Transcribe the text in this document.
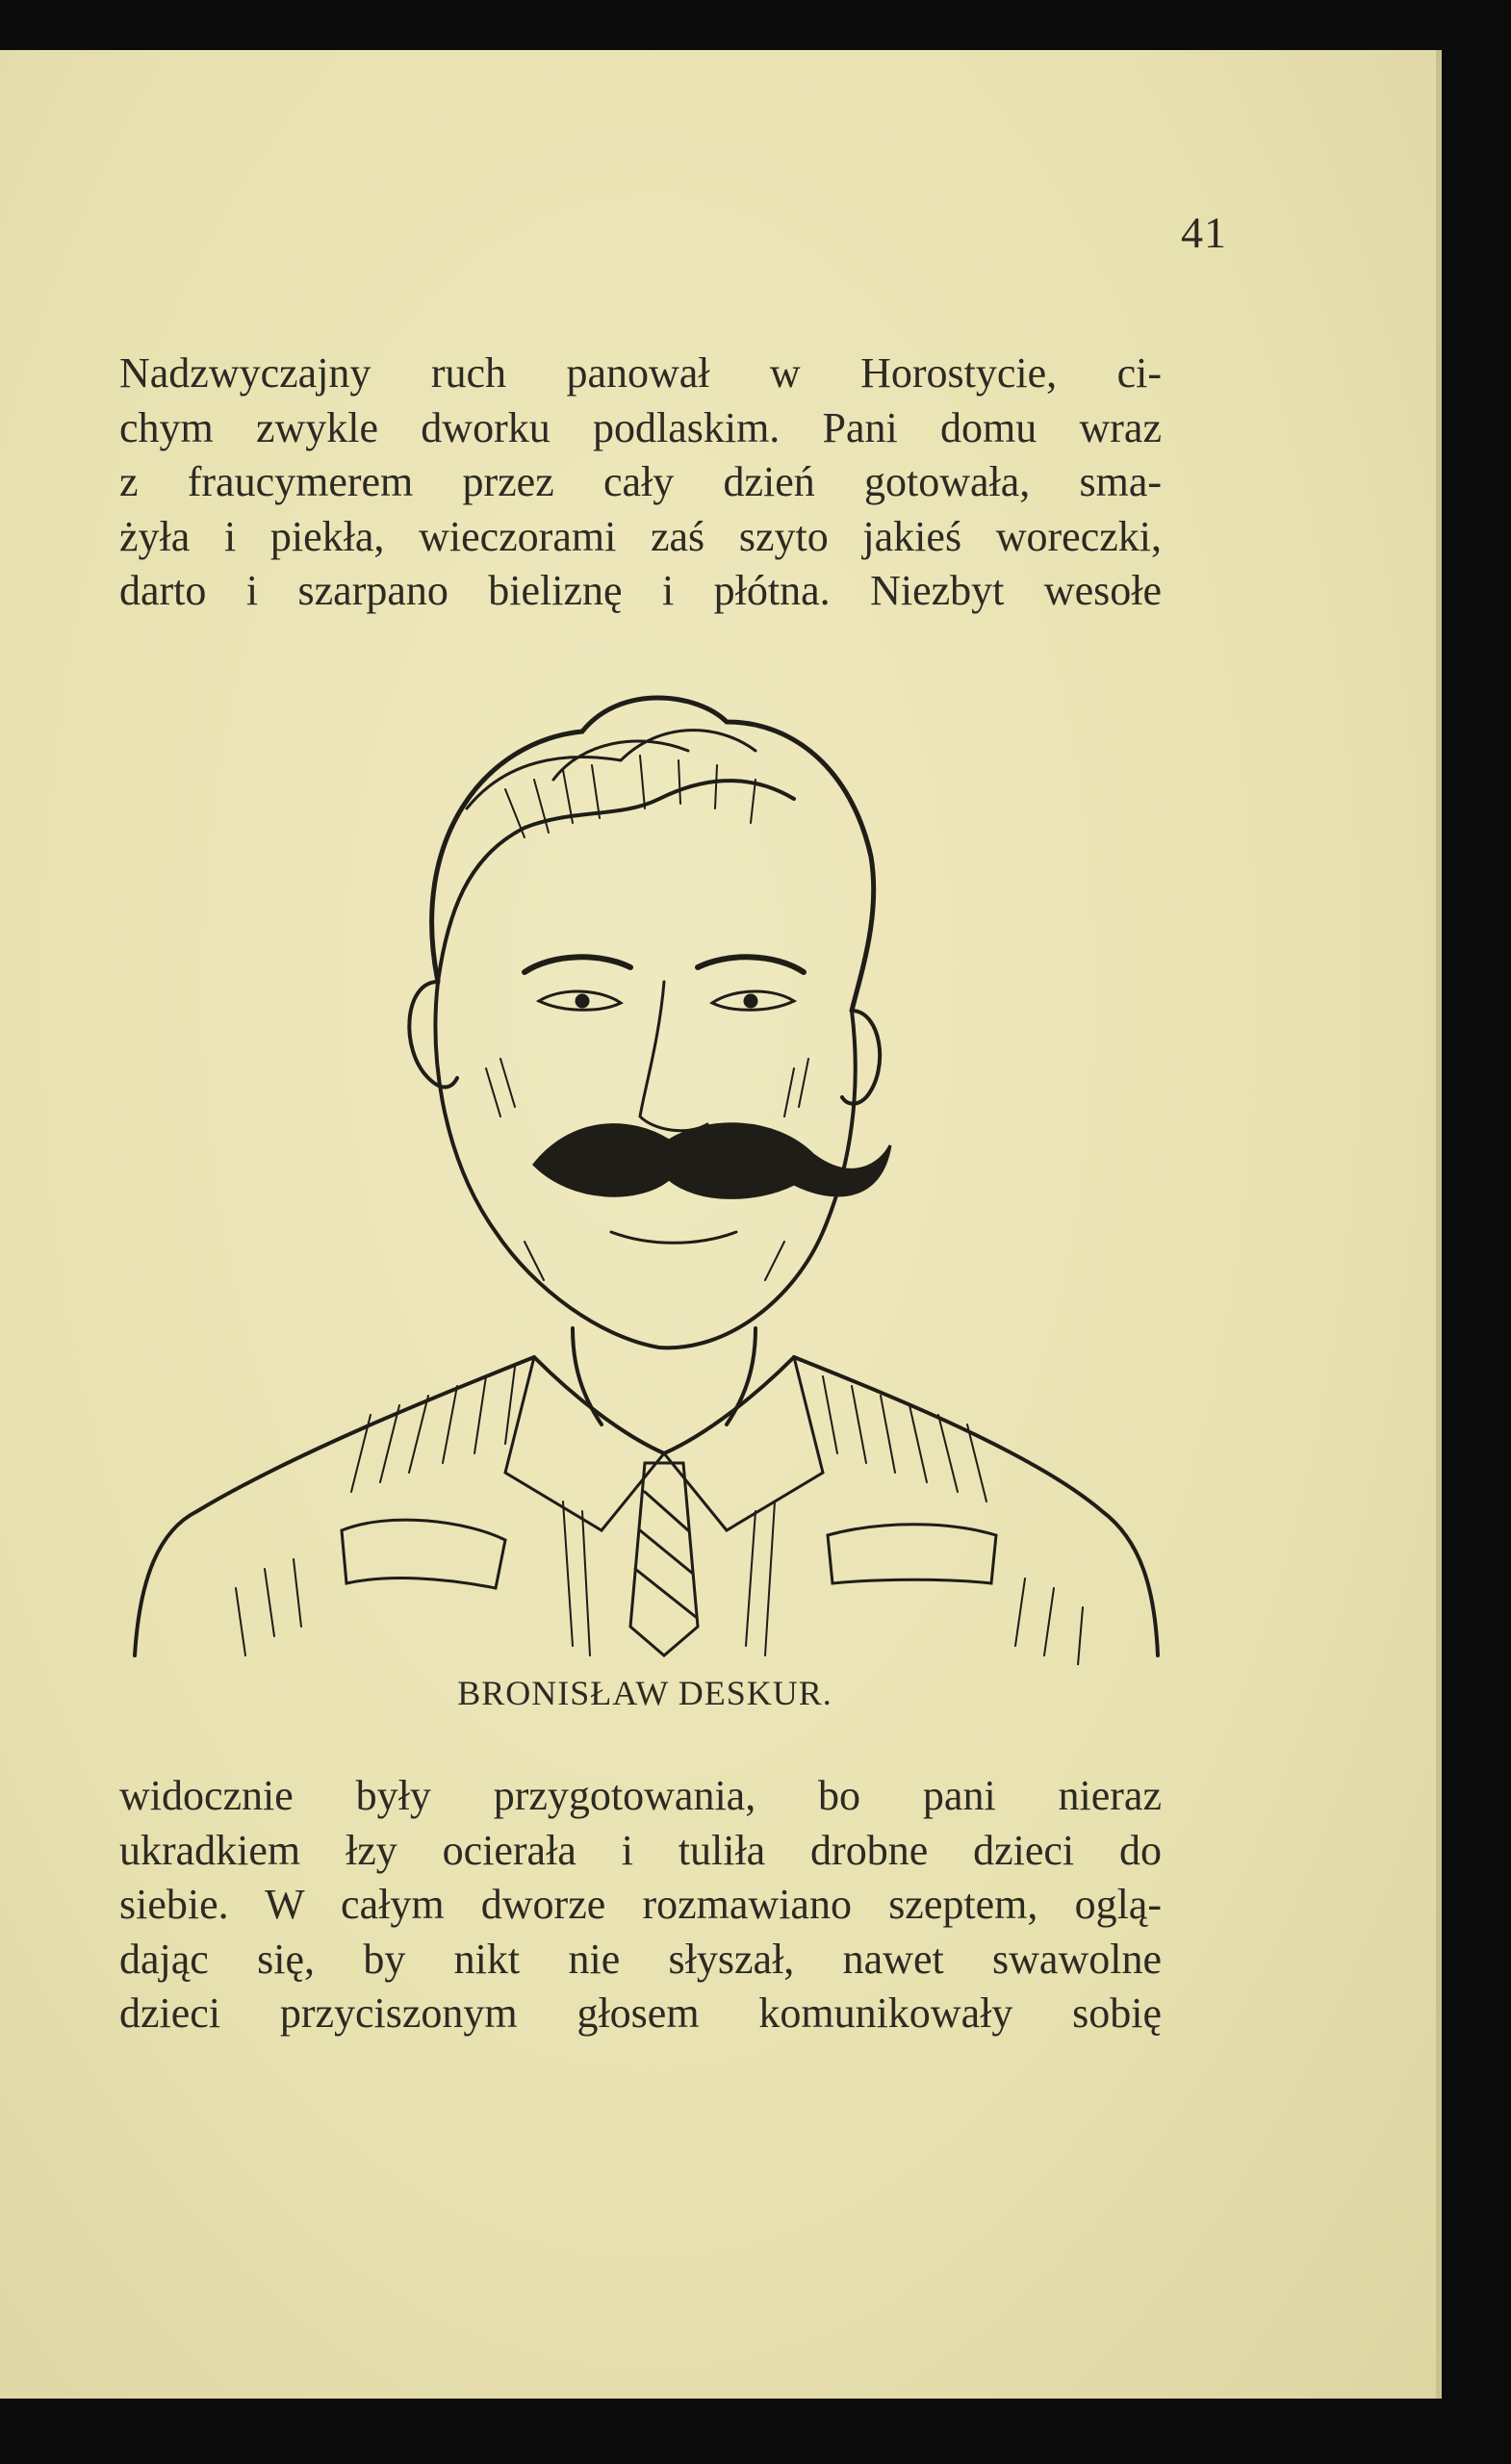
41
Nadzwyczajny ruch panował w Horostycie, ci-
chym zwykle dworku podlaskim. Pani domu wraz
z fraucymerem przez cały dzień gotowała, sma-
żyła i piekła, wieczorami zaś szyto jakieś woreczki,
darto i szarpano bieliznę i płótna. Niezbyt wesołe
BRONISŁAW DESKUR.
widocznie były przygotowania, bo pani nieraz
ukradkiem łzy ocierała i tuliła drobne dzieci do
siebie. W całym dworze rozmawiano szeptem, oglą-
dając się, by nikt nie słyszał, nawet swawolne
dzieci przyciszonym głosem komunikowały sobię
